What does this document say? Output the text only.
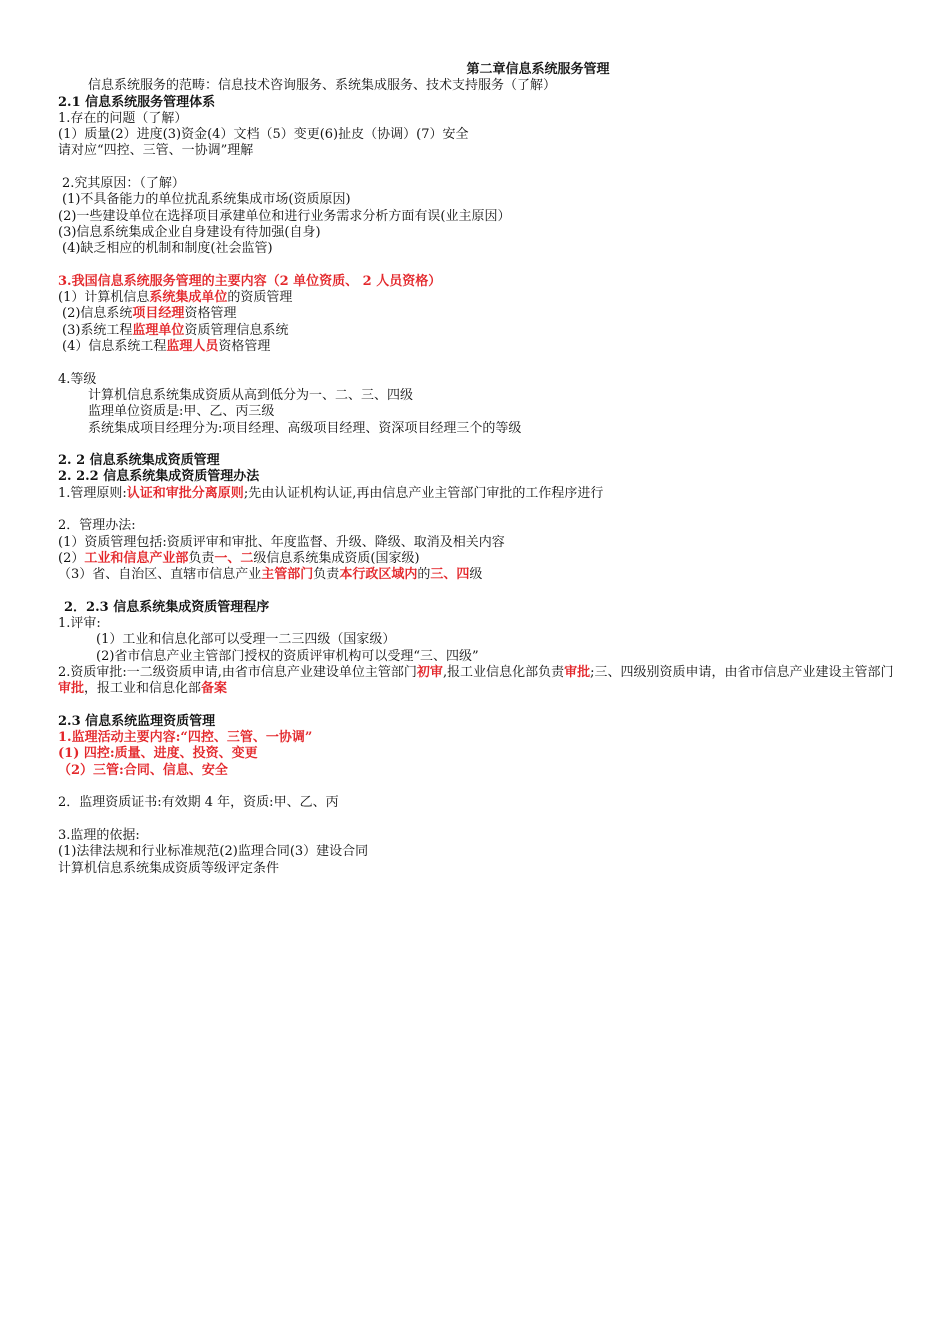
第二章信息系统服务管理
信息系统服务的范畴：信息技术咨询服务、系统集成服务、技术支持服务（了解）
2.1 信息系统服务管理体系
1.存在的问题（了解）
(1）质量(2）进度(3)资金(4）文档（5）变更(6)扯皮（协调）(7）安全
请对应“四控、三管、一协调”理解
2.究其原因：（了解）
(1)不具备能力的单位扰乱系统集成市场(资质原因)
(2)一些建设单位在选择项目承建单位和进行业务需求分析方面有误(业主原因）
(3)信息系统集成企业自身建设有待加强(自身)
(4)缺乏相应的机制和制度(社会监管)
3.我国信息系统服务管理的主要内容（2 单位资质、 2 人员资格）
(1）计算机信息系统集成单位的资质管理
(2)信息系统项目经理资格管理
(3)系统工程监理单位资质管理信息系统
(4）信息系统工程监理人员资格管理
4.等级
计算机信息系统集成资质从高到低分为一、二、三、四级
监理单位资质是:甲、乙、丙三级
系统集成项目经理分为:项目经理、高级项目经理、资深项目经理三个的等级
2. 2 信息系统集成资质管理
2. 2.2 信息系统集成资质管理办法
1.管理原则:认证和审批分离原则;先由认证机构认证,再由信息产业主管部门审批的工作程序进行
2．管理办法:
(1）资质管理包括:资质评审和审批、年度监督、升级、降级、取消及相关内容
(2）工业和信息产业部负责一、二级信息系统集成资质(国家级)
（3）省、自治区、直辖市信息产业主管部门负责本行政区域内的三、四级
2．2.3 信息系统集成资质管理程序
1.评审:
(1）工业和信息化部可以受理一二三四级（国家级）
(2)省市信息产业主管部门授权的资质评审机构可以受理“三、四级”
2.资质审批:一二级资质申请,由省市信息产业建设单位主管部门初审,报工业信息化部负责审批;三、四级别资质申请，由省市信息产业建设主管部门审批，报工业和信息化部备案
2.3 信息系统监理资质管理
1.监理活动主要内容:“四控、三管、一协调”
(1) 四控:质量、进度、投资、变更
（2）三管:合同、信息、安全
2．监理资质证书:有效期 4 年，资质:甲、乙、丙
3.监理的依据:
(1)法律法规和行业标准规范(2)监理合同(3）建设合同
计算机信息系统集成资质等级评定条件
